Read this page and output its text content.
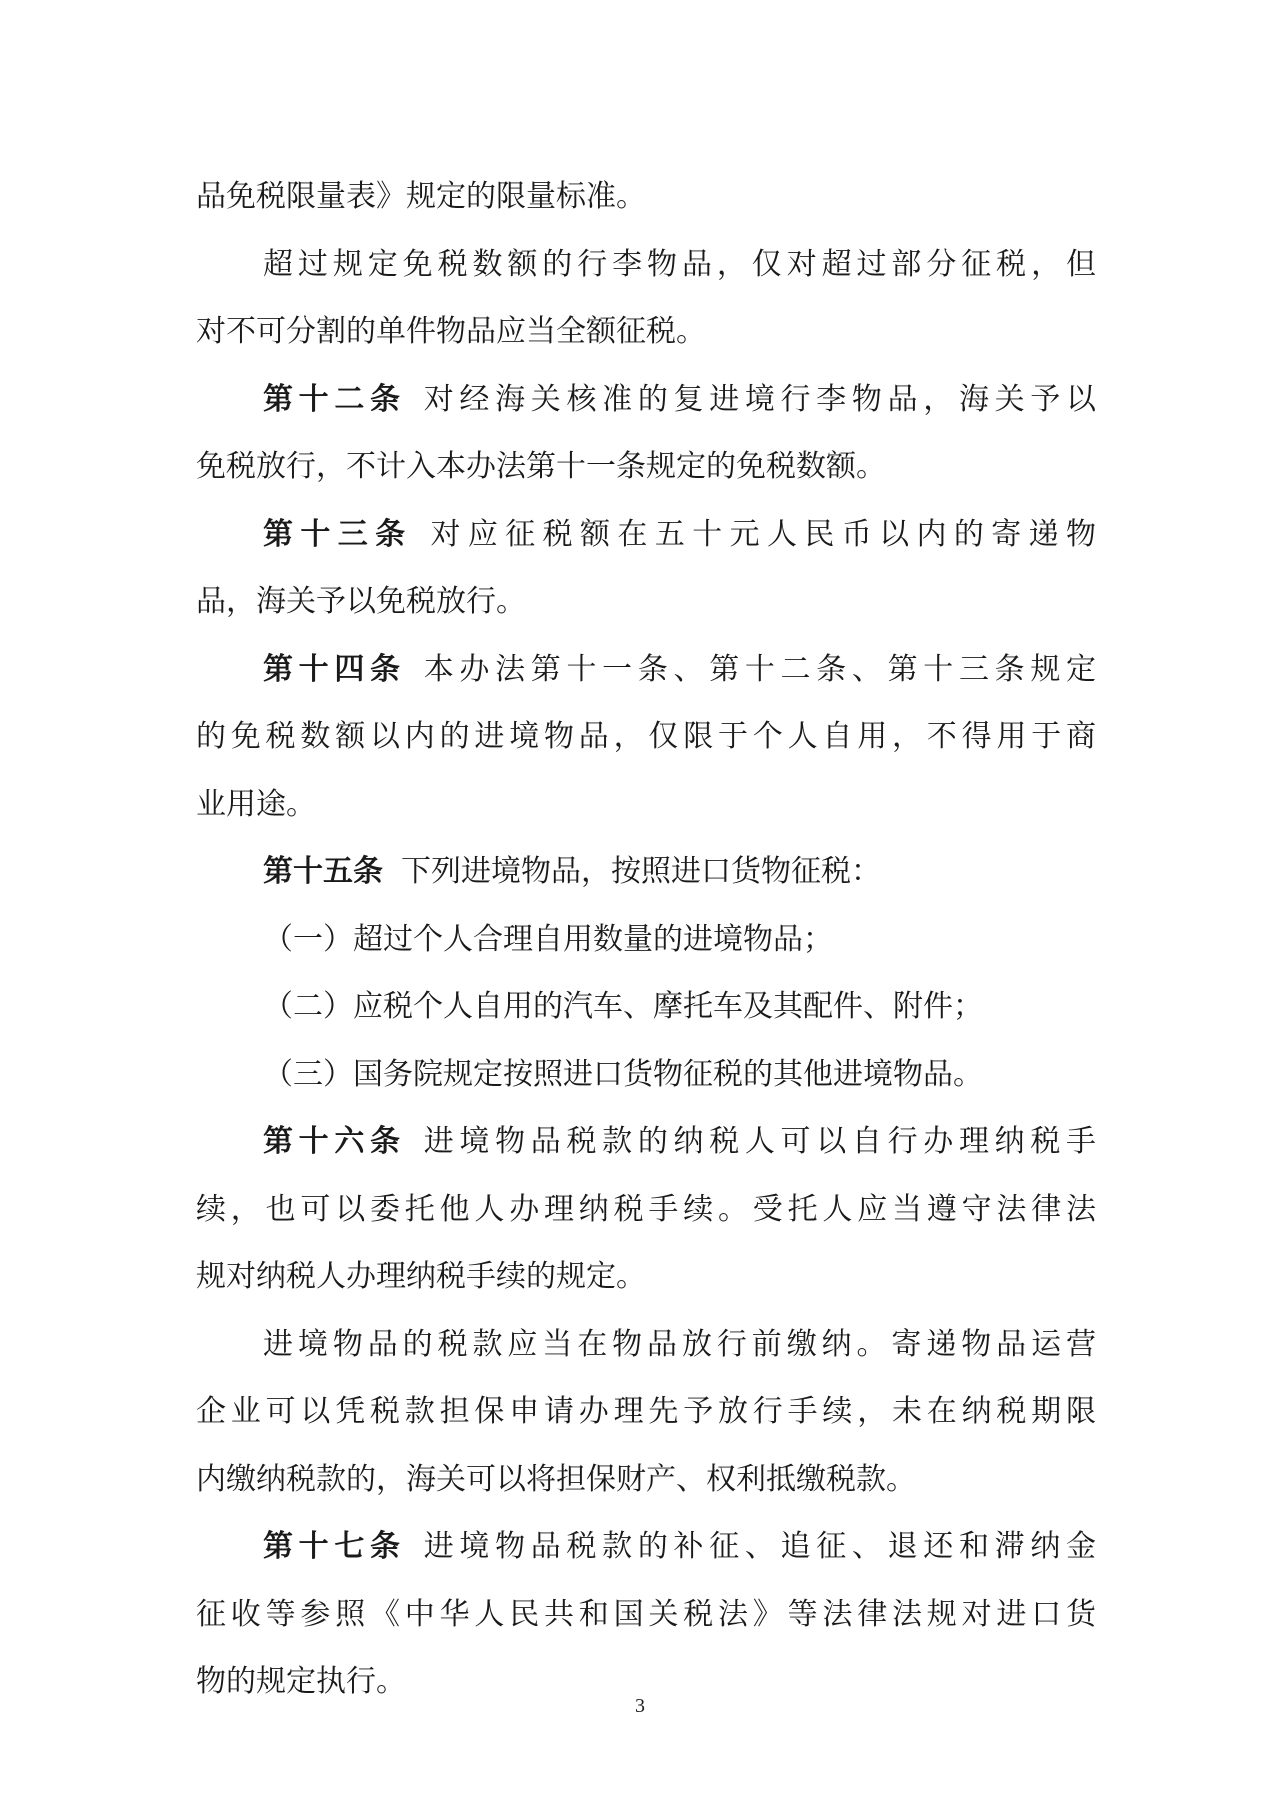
品免税限量表》规定的限量标准。
超过规定免税数额的行李物品，仅对超过部分征税，但
对不可分割的单件物品应当全额征税。
第十二条 对经海关核准的复进境行李物品，海关予以
免税放行，不计入本办法第十一条规定的免税数额。
第十三条 对应征税额在五十元人民币以内的寄递物
品，海关予以免税放行。
第十四条 本办法第十一条、第十二条、第十三条规定
的免税数额以内的进境物品，仅限于个人自用，不得用于商
业用途。
第十五条 下列进境物品，按照进口货物征税：
（一）超过个人合理自用数量的进境物品；
（二）应税个人自用的汽车、摩托车及其配件、附件；
（三）国务院规定按照进口货物征税的其他进境物品。
第十六条 进境物品税款的纳税人可以自行办理纳税手
续，也可以委托他人办理纳税手续。受托人应当遵守法律法
规对纳税人办理纳税手续的规定。
进境物品的税款应当在物品放行前缴纳。寄递物品运营
企业可以凭税款担保申请办理先予放行手续，未在纳税期限
内缴纳税款的，海关可以将担保财产、权利抵缴税款。
第十七条 进境物品税款的补征、追征、退还和滞纳金
征收等参照《中华人民共和国关税法》等法律法规对进口货
物的规定执行。
3
